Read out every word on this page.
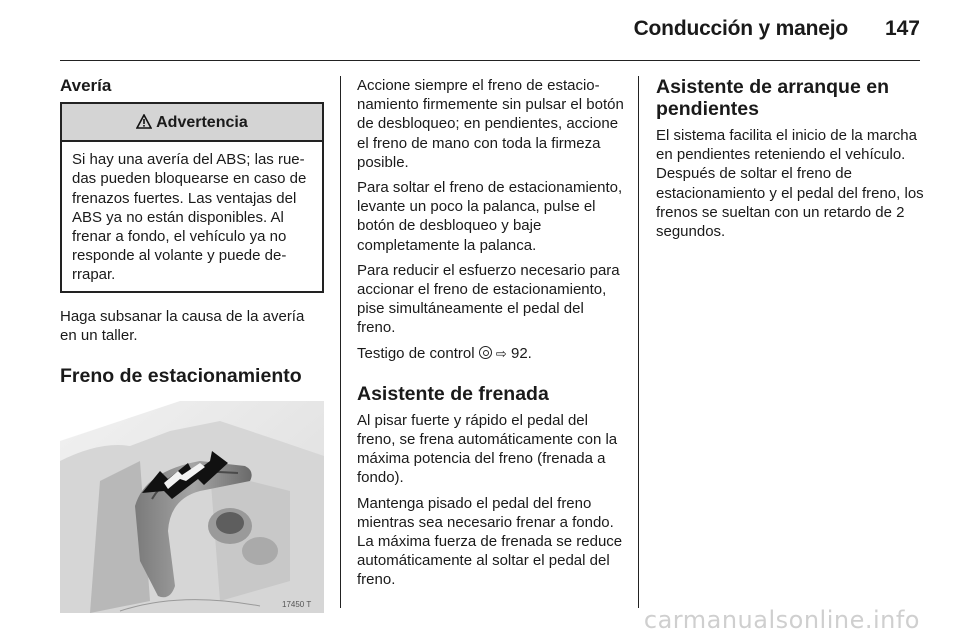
Conducción y manejo 147
Avería
Advertencia

Si hay una avería del ABS; las ruedas pueden bloquearse en caso de frenazos fuertes. Las ventajas del ABS ya no están disponibles. Al frenar a fondo, el vehículo ya no responde al volante y puede derrapar.

Haga subsanar la causa de la avería en un taller.

Freno de estacionamiento
17450 T

Accione siempre el freno de estacionamiento firmemente sin pulsar el botón de desbloqueo; en pendientes, accione el freno de mano con toda la firmeza posible.

Para soltar el freno de estacionamiento, levante un poco la palanca, pulse el botón de desbloqueo y baje completamente la palanca.

Para reducir el esfuerzo necesario para accionar el freno de estacionamiento, pise simultáneamente el pedal del freno.

Testigo de control ⇨ 92.

Asistente de frenada

Al pisar fuerte y rápido el pedal del freno, se frena automáticamente con la máxima potencia del freno (frenada a fondo).

Mantenga pisado el pedal del freno mientras sea necesario frenar a fondo. La máxima fuerza de frenada se reduce automáticamente al soltar el pedal del freno.

Asistente de arranque en pendientes

El sistema facilita el inicio de la marcha en pendientes reteniendo el vehículo. Después de soltar el freno de estacionamiento y el pedal del freno, los frenos se sueltan con un retardo de 2 segundos.

carmanualsonline.info
